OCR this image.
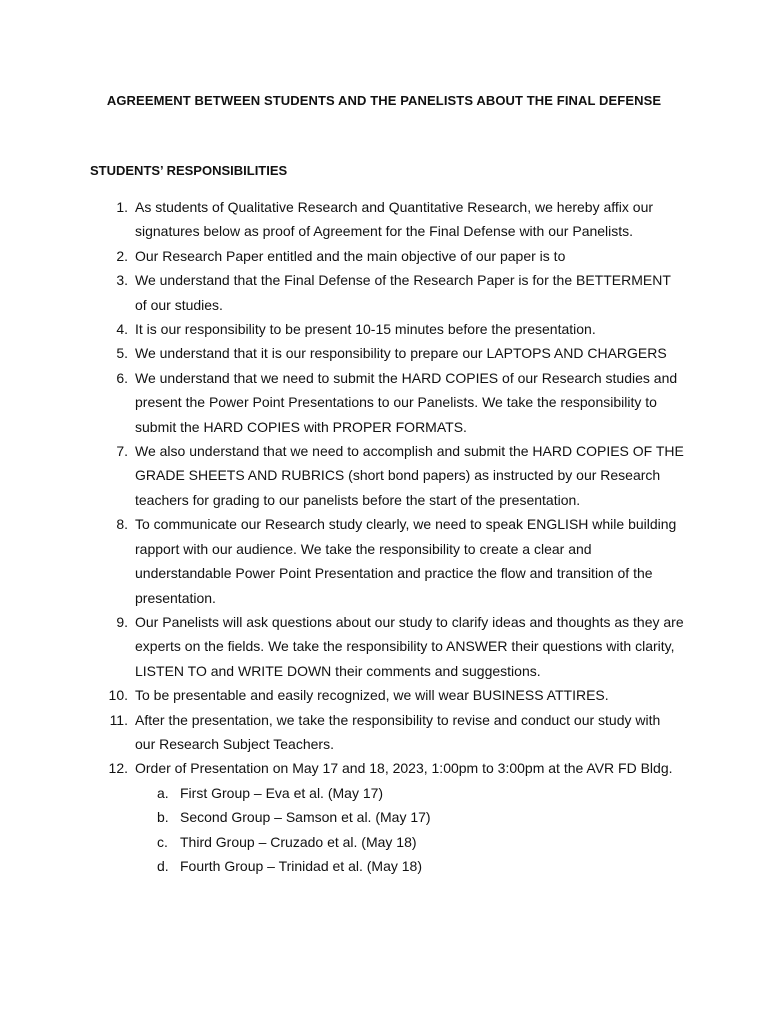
AGREEMENT BETWEEN STUDENTS AND THE PANELISTS ABOUT THE FINAL DEFENSE
STUDENTS’ RESPONSIBILITIES
1. As students of Qualitative Research and Quantitative Research, we hereby affix our signatures below as proof of Agreement for the Final Defense with our Panelists.
2. Our Research Paper entitled and the main objective of our paper is to
3. We understand that the Final Defense of the Research Paper is for the BETTERMENT of our studies.
4. It is our responsibility to be present 10-15 minutes before the presentation.
5. We understand that it is our responsibility to prepare our LAPTOPS AND CHARGERS
6. We understand that we need to submit the HARD COPIES of our Research studies and present the Power Point Presentations to our Panelists. We take the responsibility to submit the HARD COPIES with PROPER FORMATS.
7. We also understand that we need to accomplish and submit the HARD COPIES OF THE GRADE SHEETS AND RUBRICS (short bond papers) as instructed by our Research teachers for grading to our panelists before the start of the presentation.
8. To communicate our Research study clearly, we need to speak ENGLISH while building rapport with our audience. We take the responsibility to create a clear and understandable Power Point Presentation and practice the flow and transition of the presentation.
9. Our Panelists will ask questions about our study to clarify ideas and thoughts as they are experts on the fields. We take the responsibility to ANSWER their questions with clarity, LISTEN TO and WRITE DOWN their comments and suggestions.
10. To be presentable and easily recognized, we will wear BUSINESS ATTIRES.
11. After the presentation, we take the responsibility to revise and conduct our study with our Research Subject Teachers.
12. Order of Presentation on May 17 and 18, 2023, 1:00pm to 3:00pm at the AVR FD Bldg.
a. First Group – Eva et al. (May 17)
b. Second Group – Samson et al. (May 17)
c. Third Group – Cruzado et al. (May 18)
d. Fourth Group – Trinidad et al. (May 18)
